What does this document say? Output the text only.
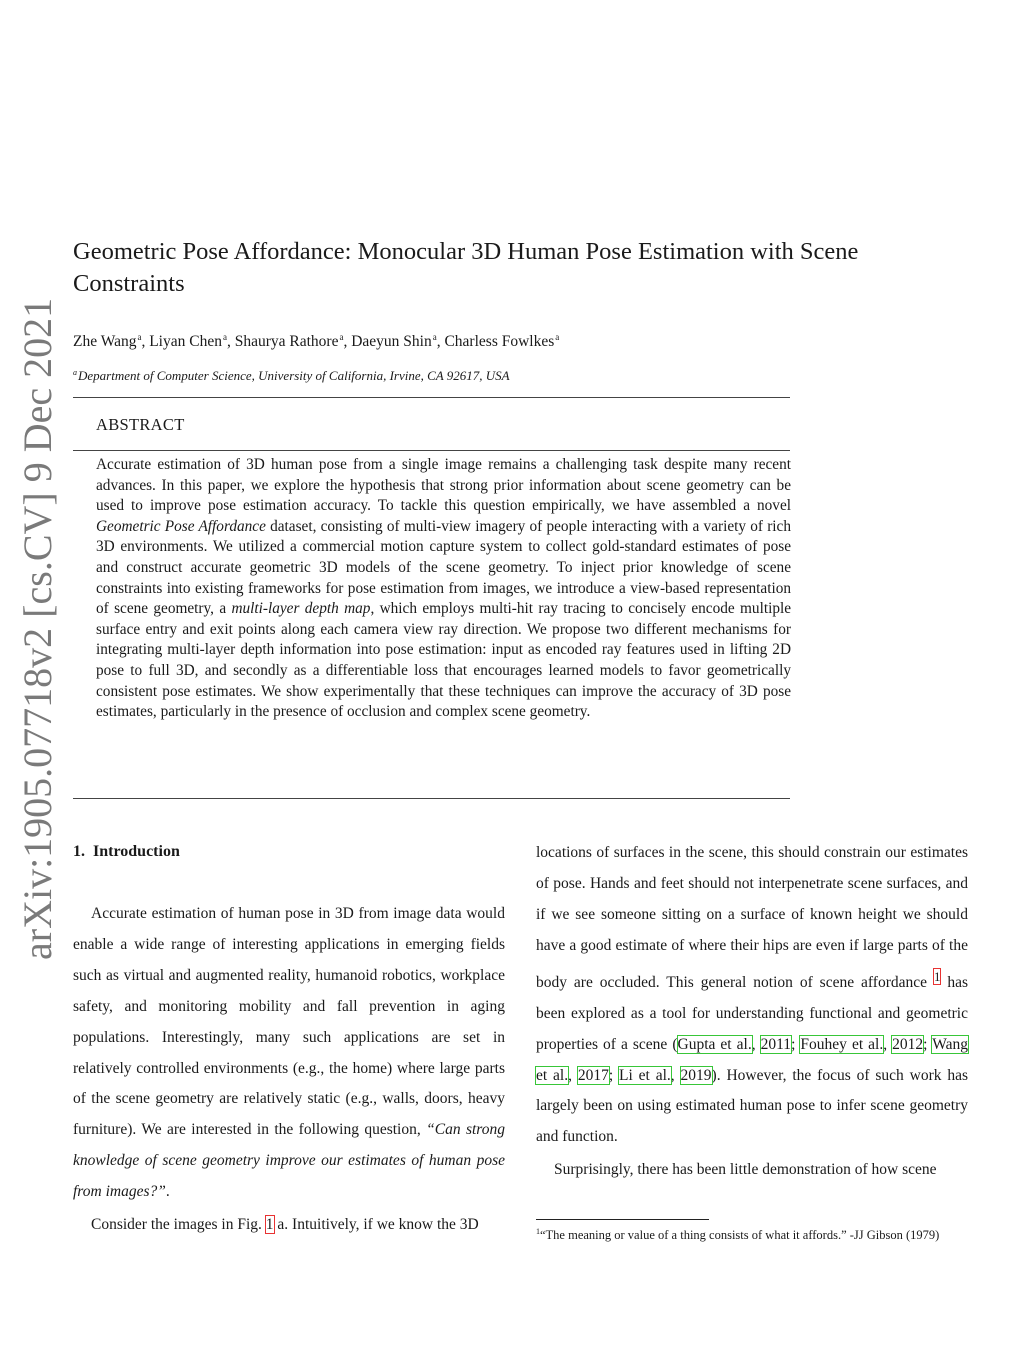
arXiv:1905.07718v2 [cs.CV] 9 Dec 2021
Geometric Pose Affordance: Monocular 3D Human Pose Estimation with Scene Constraints
Zhe Wang$^a$, Liyan Chen$^a$, Shaurya Rathore$^a$, Daeyun Shin$^a$, Charless Fowlkes$^a$
$^a$Department of Computer Science, University of California, Irvine, CA 92617, USA
ABSTRACT

Accurate estimation of 3D human pose from a single image remains a challenging task despite many recent advances. In this paper, we explore the hypothesis that strong prior information about scene geometry can be used to improve pose estimation accuracy. To tackle this question empirically, we have assembled a novel Geometric Pose Affordance dataset, consisting of multi-view imagery of people interacting with a variety of rich 3D environments. We utilized a commercial motion capture system to collect gold-standard estimates of pose and construct accurate geometric 3D models of the scene geometry. To inject prior knowledge of scene constraints into existing frameworks for pose estimation from images, we introduce a view-based representation of scene geometry, a multi-layer depth map, which employs multi-hit ray tracing to concisely encode multiple surface entry and exit points along each camera view ray direction. We propose two different mechanisms for integrating multi-layer depth information into pose estimation: input as encoded ray features used in lifting 2D pose to full 3D, and secondly as a differentiable loss that encourages learned models to favor geometrically consistent pose estimates. We show experimentally that these techniques can improve the accuracy of 3D pose estimates, particularly in the presence of occlusion and complex scene geometry.

1. Introduction

Accurate estimation of human pose in 3D from image data would enable a wide range of interesting applications in emerging fields such as virtual and augmented reality, humanoid robotics, workplace safety, and monitoring mobility and fall prevention in aging populations. Interestingly, many such applications are set in relatively controlled environments (e.g., the home) where large parts of the scene geometry are relatively static (e.g., walls, doors, heavy furniture). We are interested in the following question, “Can strong knowledge of scene geometry improve our estimates of human pose from images?”.

Consider the images in Fig. 1 a. Intuitively, if we know the 3D

locations of surfaces in the scene, this should constrain our estimates of pose. Hands and feet should not interpenetrate scene surfaces, and if we see someone sitting on a surface of known height we should have a good estimate of where their hips are even if large parts of the body are occluded. This general notion of scene affordance $^1$ has been explored as a tool for understanding functional and geometric properties of a scene (Gupta et al., 2011; Fouhey et al., 2012; Wang et al., 2017; Li et al., 2019). However, the focus of such work has largely been on using estimated human pose to infer scene geometry and function.

Surprisingly, there has been little demonstration of how scene

$^1$“The meaning or value of a thing consists of what it affords.” -JJ Gibson (1979)
